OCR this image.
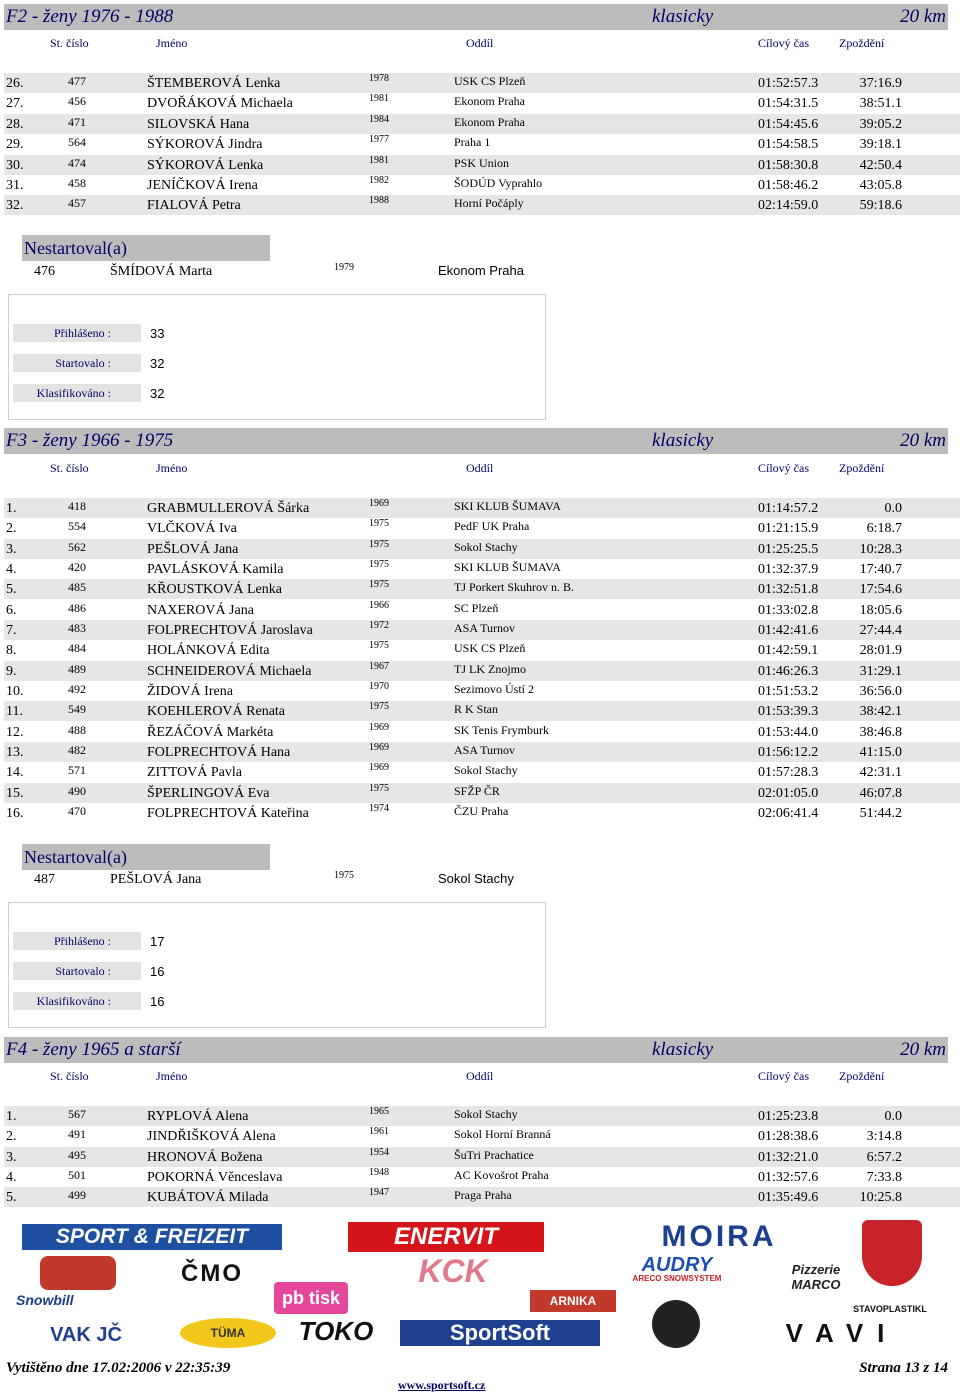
F2 - ženy 1976 - 1988	klasicky	20 km
St. číslo	Jméno	Oddíl	Cílový čas	Zpoždění
26.	477	ŠTEMBEROVÁ Lenka	1978	USK CS Plzeň	01:52:57.3	37:16.9
27.	456	DVOŘÁKOVÁ Michaela	1981	Ekonom Praha	01:54:31.5	38:51.1
28.	471	SILOVSKÁ Hana	1984	Ekonom Praha	01:54:45.6	39:05.2
29.	564	SÝKOROVÁ Jindra	1977	Praha 1	01:54:58.5	39:18.1
30.	474	SÝKOROVÁ Lenka	1981	PSK Union	01:58:30.8	42:50.4
31.	458	JENÍČKOVÁ Irena	1982	ŠODÚD Vyprahlo	01:58:46.2	43:05.8
32.	457	FIALOVÁ Petra	1988	Horní Počáply	02:14:59.0	59:18.6
Nestartoval(a)
476	ŠMÍDOVÁ Marta	1979	Ekonom Praha
Přihlášeno :	33
Startovalo :	32
Klasifikováno :	32
F3 - ženy 1966 - 1975	klasicky	20 km
St. číslo	Jméno	Oddíl	Cílový čas	Zpoždění
1.	418	GRABMULLEROVÁ Šárka	1969	SKI KLUB ŠUMAVA	01:14:57.2	0.0
2.	554	VLČKOVÁ Iva	1975	PedF UK Praha	01:21:15.9	6:18.7
3.	562	PEŠLOVÁ Jana	1975	Sokol Stachy	01:25:25.5	10:28.3
4.	420	PAVLÁSKOVÁ Kamila	1975	SKI KLUB ŠUMAVA	01:32:37.9	17:40.7
5.	485	KŘOUSTKOVÁ Lenka	1975	TJ Porkert Skuhrov n. B.	01:32:51.8	17:54.6
6.	486	NAXEROVÁ Jana	1966	SC Plzeň	01:33:02.8	18:05.6
7.	483	FOLPRECHTOVÁ Jaroslava	1972	ASA Turnov	01:42:41.6	27:44.4
8.	484	HOLÁNKOVÁ Edita	1975	USK CS Plzeň	01:42:59.1	28:01.9
9.	489	SCHNEIDEROVÁ Michaela	1967	TJ LK Znojmo	01:46:26.3	31:29.1
10.	492	ŽIDOVÁ Irena	1970	Sezimovo Ústí 2	01:51:53.2	36:56.0
11.	549	KOEHLEROVÁ Renata	1975	R K Stan	01:53:39.3	38:42.1
12.	488	ŘEZÁČOVÁ Markéta	1969	SK Tenis Frymburk	01:53:44.0	38:46.8
13.	482	FOLPRECHTOVÁ Hana	1969	ASA Turnov	01:56:12.2	41:15.0
14.	571	ZITTOVÁ Pavla	1969	Sokol Stachy	01:57:28.3	42:31.1
15.	490	ŠPERLINGOVÁ Eva	1975	SFŽP ČR	02:01:05.0	46:07.8
16.	470	FOLPRECHTOVÁ Kateřina	1974	ČZU Praha	02:06:41.4	51:44.2
Nestartoval(a)
487	PEŠLOVÁ Jana	1975	Sokol Stachy
Přihlášeno :	17
Startovalo :	16
Klasifikováno :	16
F4 - ženy 1965 a starší	klasicky	20 km
St. číslo	Jméno	Oddíl	Cílový čas	Zpoždění
1.	567	RYPLOVÁ Alena	1965	Sokol Stachy	01:25:23.8	0.0
2.	491	JINDŘIŠKOVÁ Alena	1961	Sokol Horní Branná	01:28:38.6	3:14.8
3.	495	HRONOVÁ Božena	1954	ŠuTri Prachatice	01:32:21.0	6:57.2
4.	501	POKORNÁ Věnceslava	1948	AC Kovošrot Praha	01:32:57.6	7:33.8
5.	499	KUBÁTOVÁ Milada	1947	Praga Praha	01:35:49.6	10:25.8
SPORT & FREIZEIT	ENERVIT	MOIRA
AUDRY
ARECO SNOWSYSTEM
ČMO	KCK	Pizzerie MARCO
Snowbill	pb tisk	ARNIKA
STAVOPLASTIKL
VAK JČ	TÜMA	TOKO	SportSoft	VAVI
Vytištěno dne 17.02:2006 v 22:35:39	Strana 13 z 14
www.sportsoft.cz
